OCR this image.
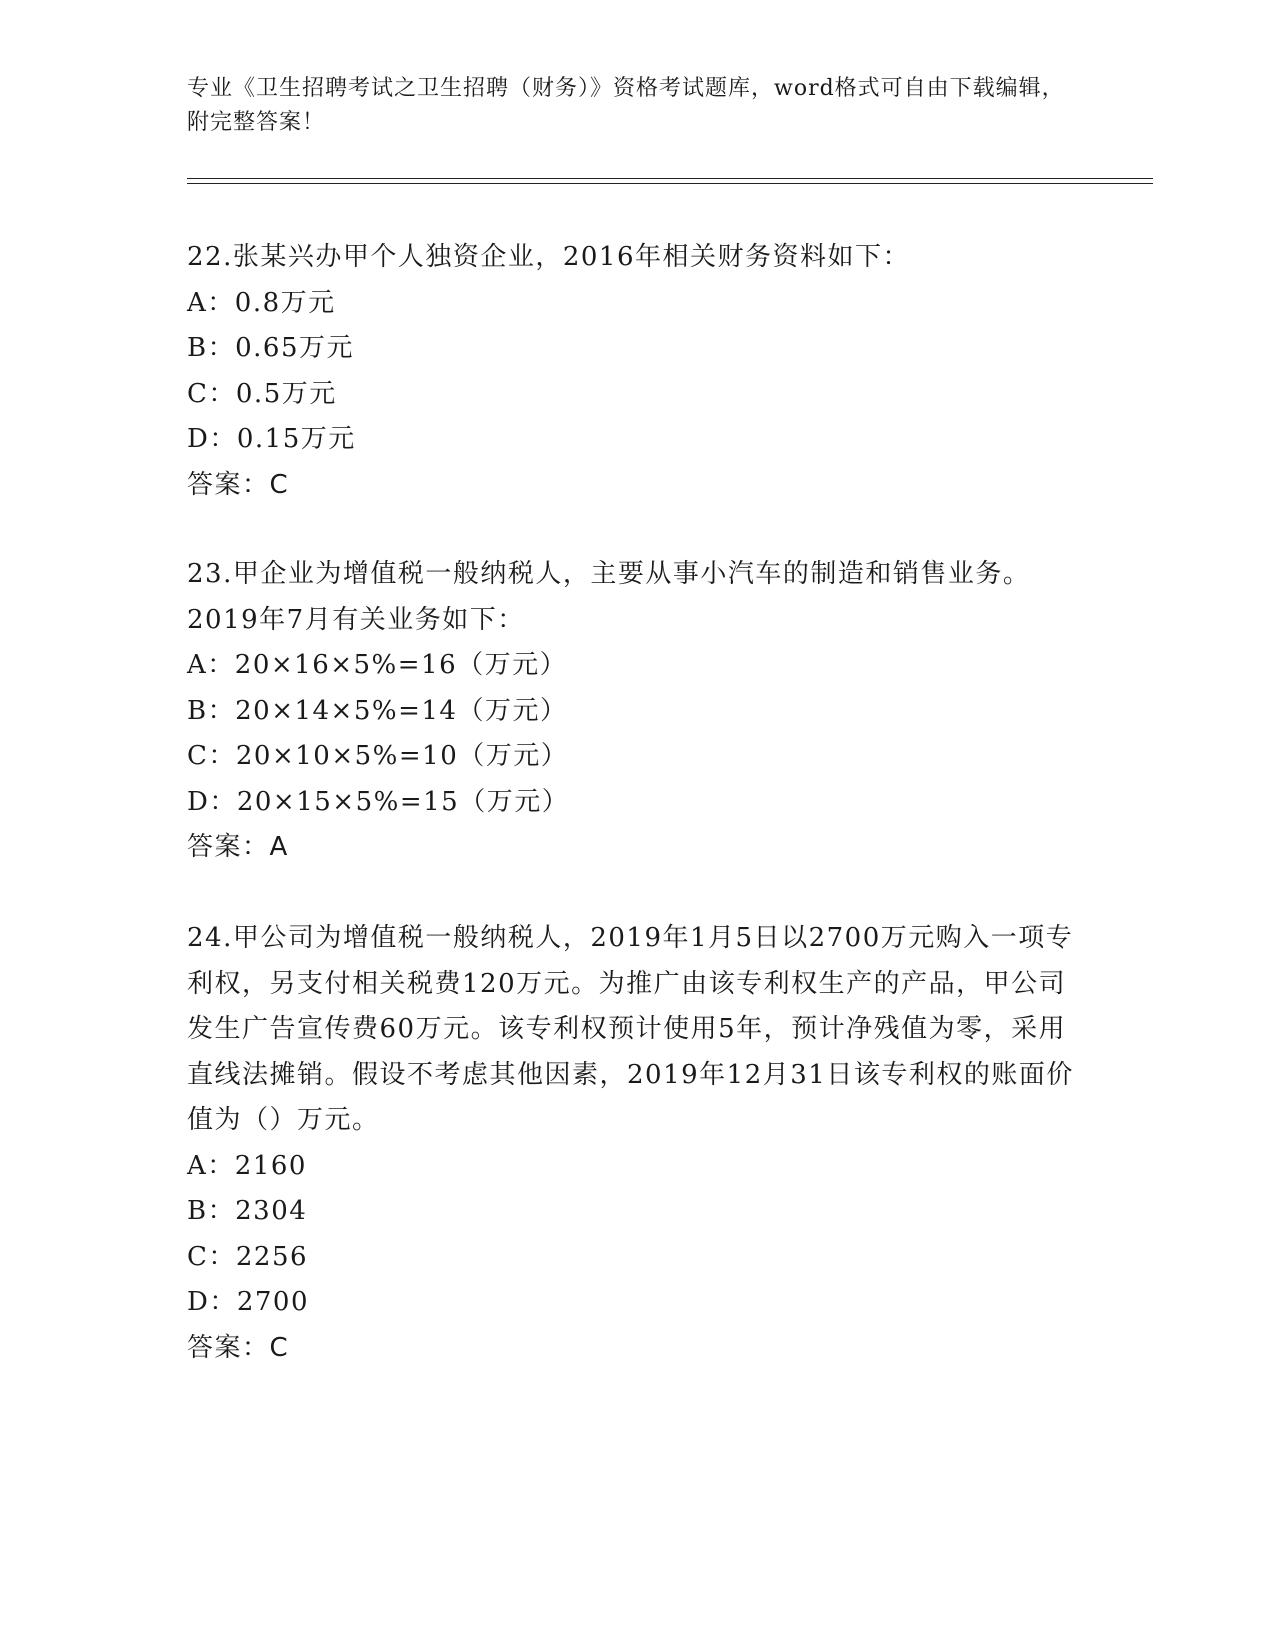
专业《卫生招聘考试之卫生招聘（财务）》资格考试题库，word格式可自由下载编辑，附完整答案！
22.张某兴办甲个人独资企业，2016年相关财务资料如下：
A：0.8万元
B：0.65万元
C：0.5万元
D：0.15万元
答案：C
23.甲企业为增值税一般纳税人，主要从事小汽车的制造和销售业务。2019年7月有关业务如下：
A：20×16×5%=16（万元）
B：20×14×5%=14（万元）
C：20×10×5%=10（万元）
D：20×15×5%=15（万元）
答案：A
24.甲公司为增值税一般纳税人，2019年1月5日以2700万元购入一项专利权，另支付相关税费120万元。为推广由该专利权生产的产品，甲公司发生广告宣传费60万元。该专利权预计使用5年，预计净残值为零，采用直线法摊销。假设不考虑其他因素，2019年12月31日该专利权的账面价值为（）万元。
A：2160
B：2304
C：2256
D：2700
答案：C
